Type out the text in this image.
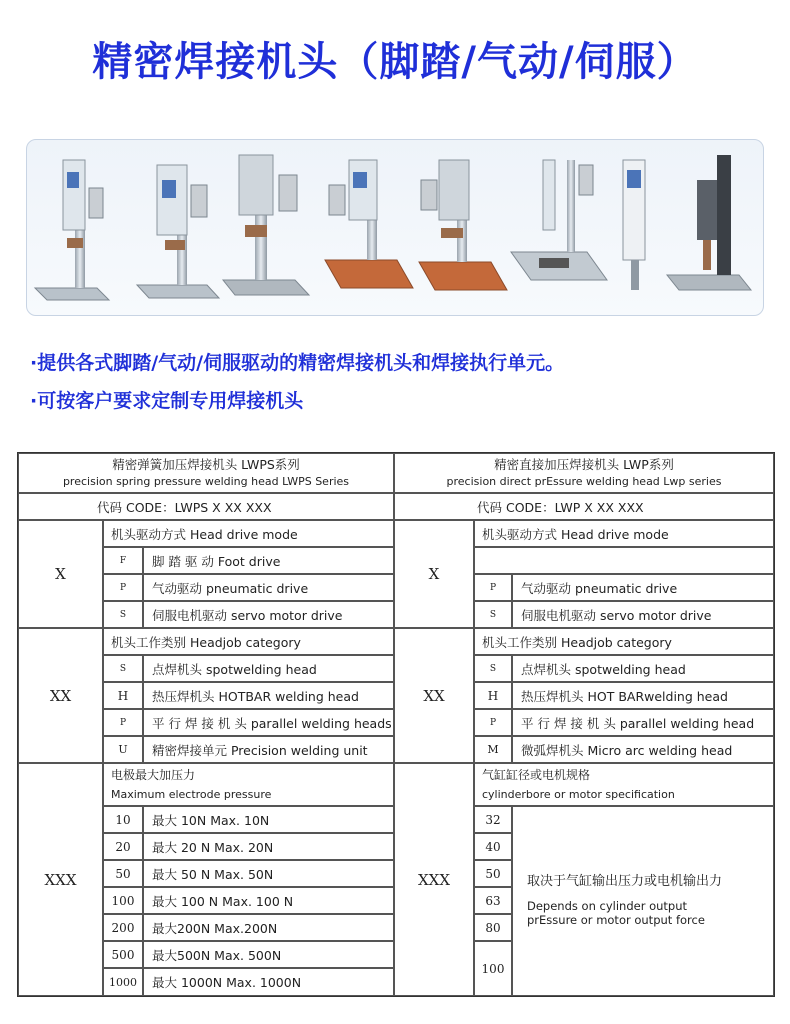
精密焊接机头（脚踏/气动/伺服）
·提供各式脚踏/气动/伺服驱动的精密焊接机头和焊接执行单元。
·可按客户要求定制专用焊接机头
精密弹簧加压焊接机头 LWPS系列
precision spring pressure welding head LWPS Series
代码 CODE：LWPS X XX XXX
X
机头驱动方式 Head drive mode
F	脚 踏 驱 动 Foot drive
P	气动驱动 pneumatic drive
S	伺服电机驱动 servo motor drive
XX
机头工作类别 Headjob category
S	点焊机头 spotwelding head
H	热压焊机头 HOTBAR welding head
P	平 行 焊 接 机 头 parallel welding heads
U	精密焊接单元 Precision welding unit
XXX
电极最大加压力
Maximum electrode pressure
10	最大 10N Max. 10N
20	最大 20 N Max. 20N
50	最大 50 N Max. 50N
100	最大 100 N Max. 100 N
200	最大200N Max.200N
500	最大500N Max. 500N
1000	最大 1000N Max. 1000N
精密直接加压焊接机头 LWP系列
precision direct prEssure welding head Lwp series
代码 CODE：LWP X XX XXX
X
机头驱动方式 Head drive mode
P	气动驱动 pneumatic drive
S	伺服电机驱动 servo motor drive
XX
机头工作类别 Headjob category
S	点焊机头 spotwelding head
H	热压焊机头 HOT BARwelding head
P	平 行 焊 接 机 头 parallel welding head
M	微弧焊机头 Micro arc welding head
XXX
气缸缸径或电机规格
cylinderbore or motor specification
32
40
50
63
80
100
取决于气缸输出压力或电机输出力
Depends on cylinder output
prEssure or motor output force
